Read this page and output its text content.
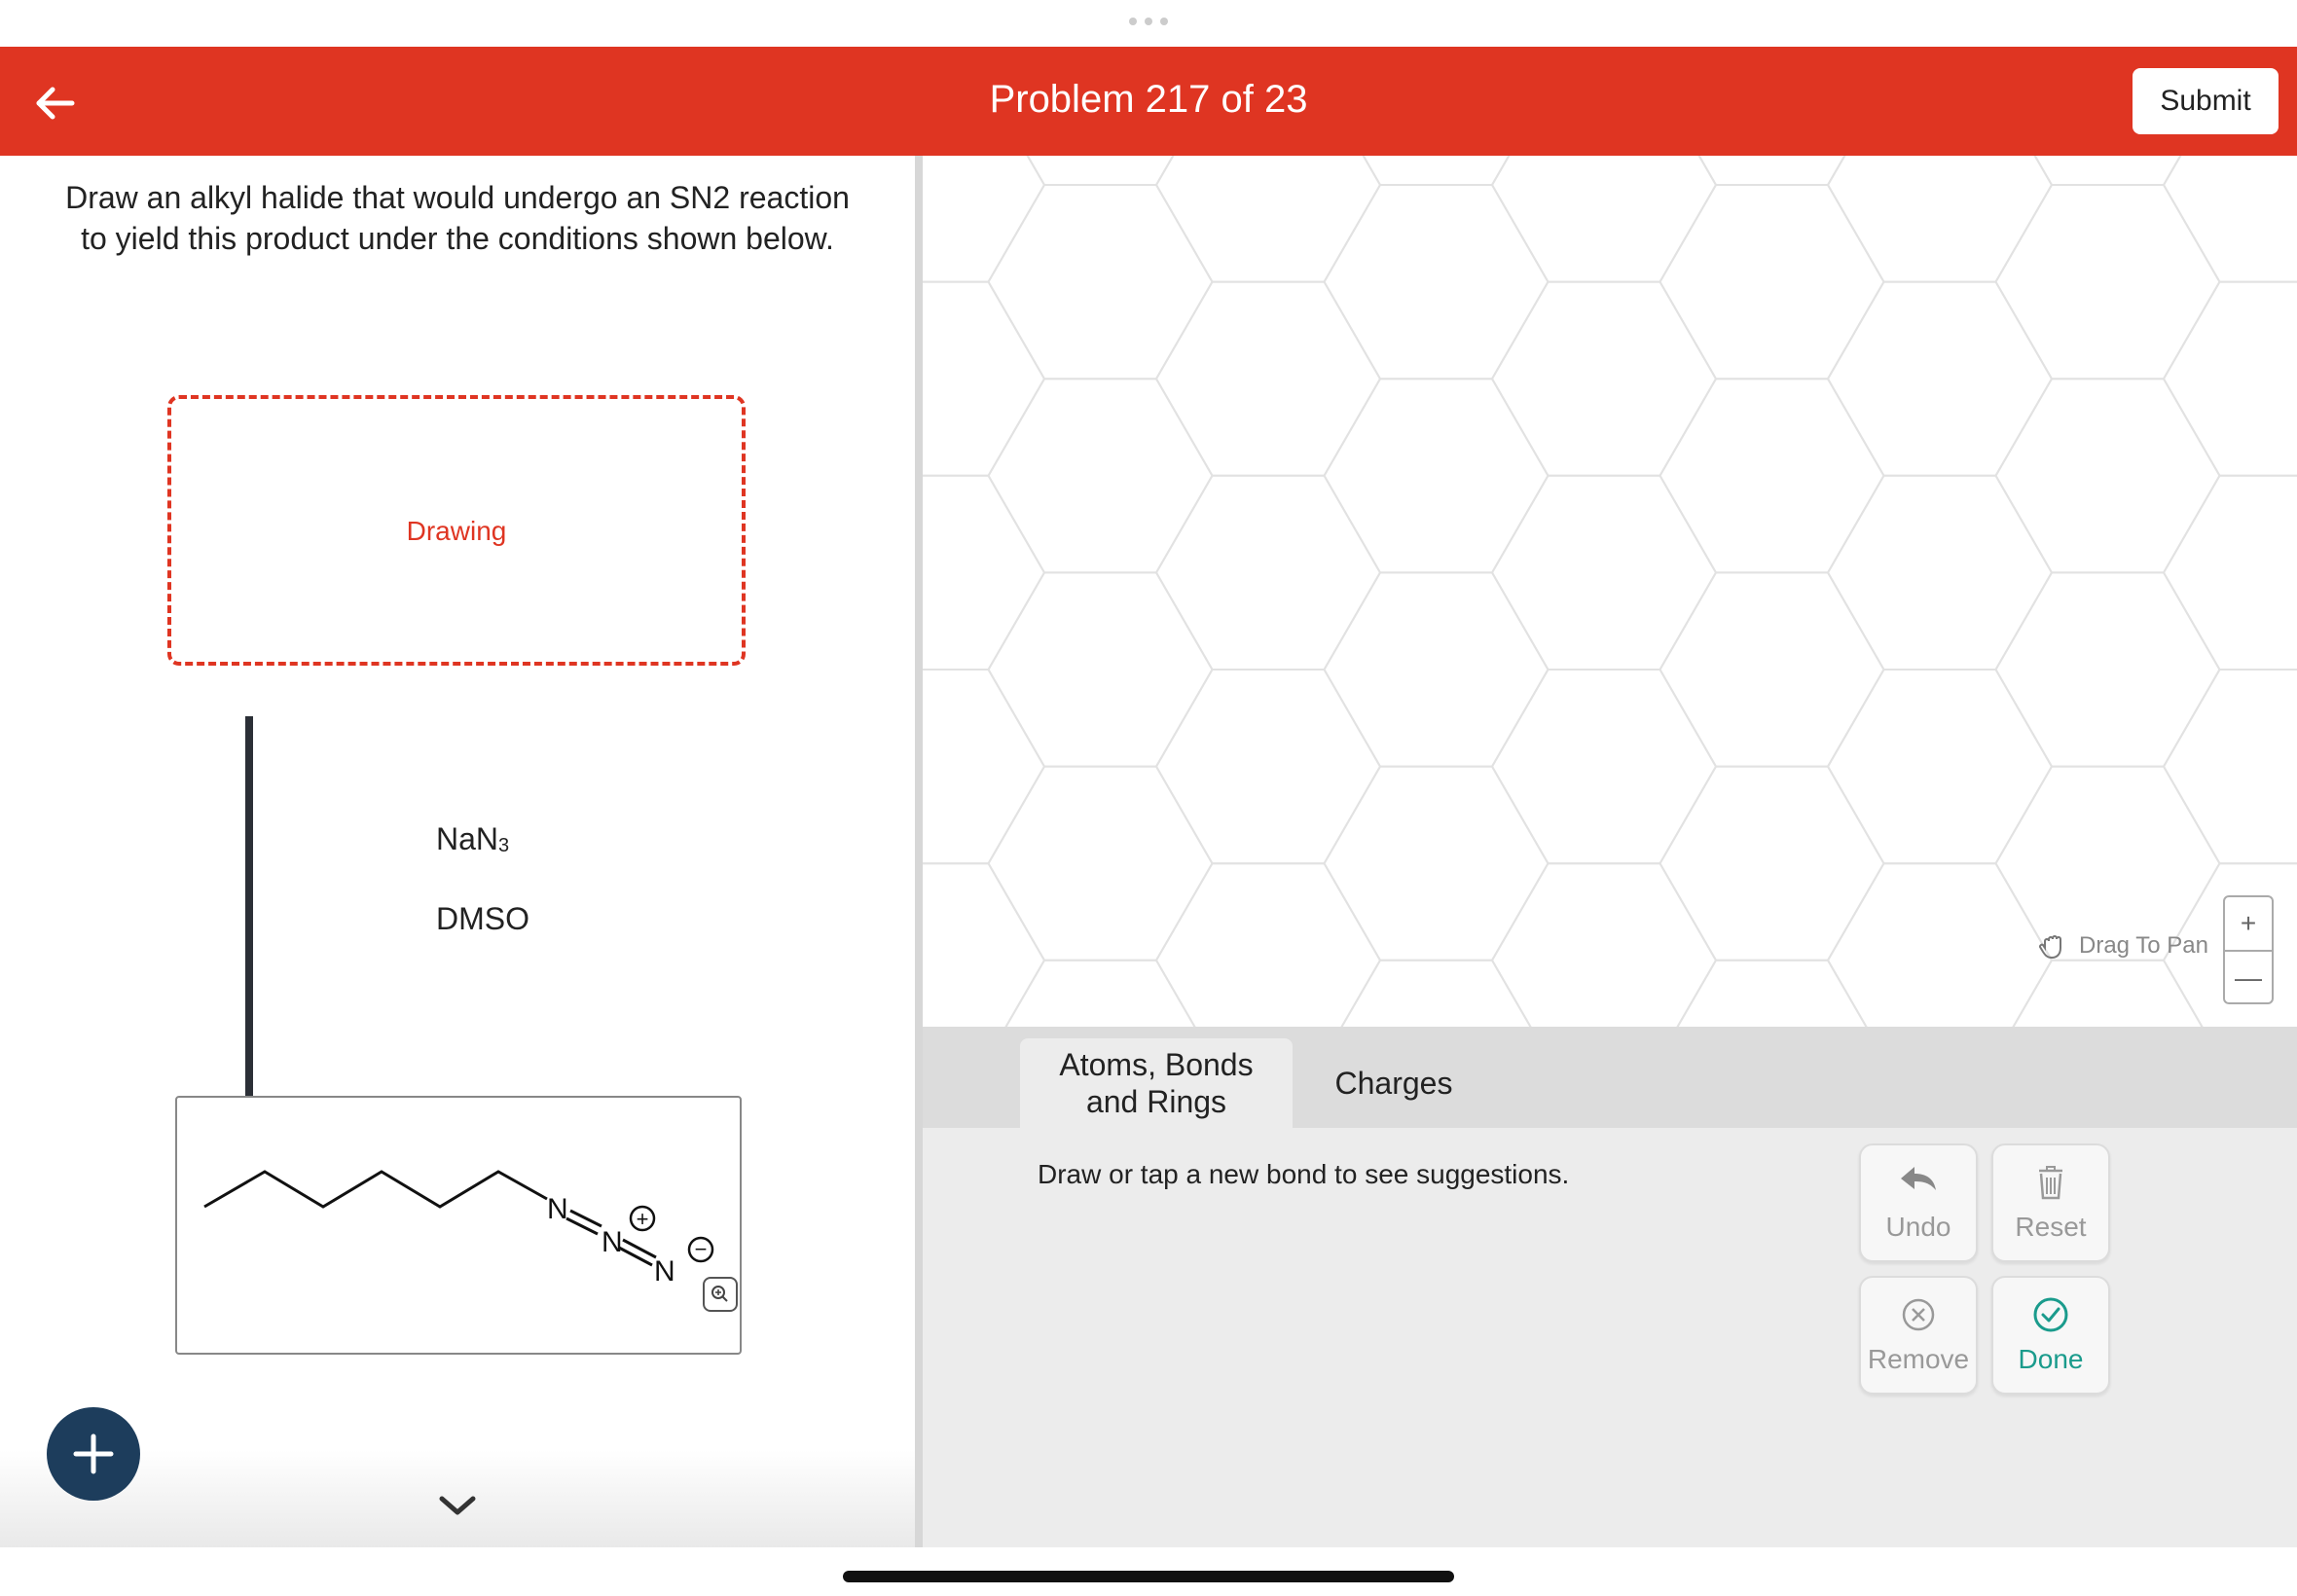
Problem 217 of 23	Submit
Draw an alkyl halide that would undergo an SN2 reaction
to yield this product under the conditions shown below.
Drawing
NaN$_3$
DMSO
N
N
+
N
−
Drag To Pan
+
—
Atoms, Bonds
and Rings
Charges
Draw or tap a new bond to see suggestions.
Undo	Reset
Remove	Done
